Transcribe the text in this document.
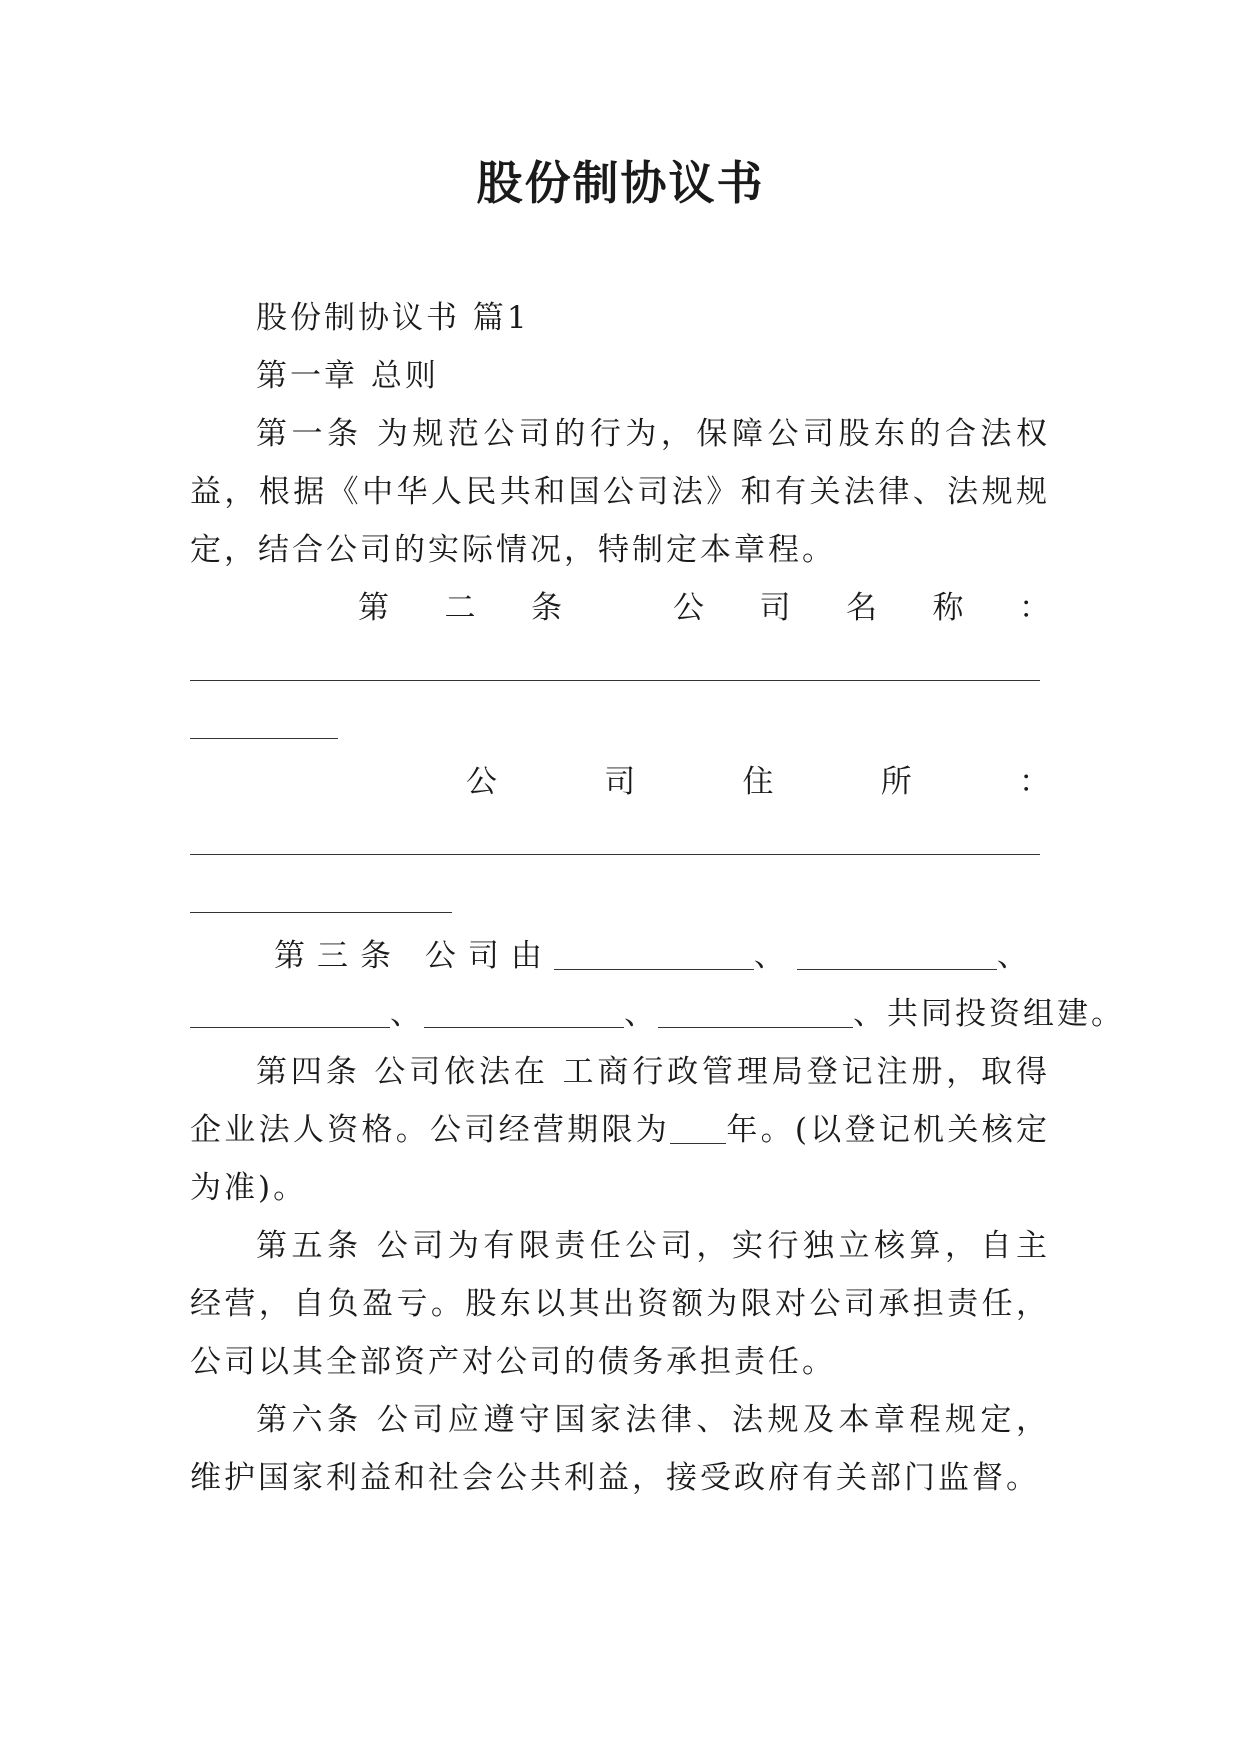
股份制协议书
股份制协议书 篇1
第一章 总则
第一条 为规范公司的行为，保障公司股东的合法权益，根据《中华人民共和国公司法》和有关法律、法规规定，结合公司的实际情况，特制定本章程。
第 二 条	公 司 名 称 ：
公	司	住	所	：
第三条 公司由	、	、
、	、	、共同投资组建。
第四条 公司依法在 工商行政管理局登记注册，取得企业法人资格。公司经营期限为 年。(以登记机关核定为准)。
第五条 公司为有限责任公司，实行独立核算，自主经营，自负盈亏。股东以其出资额为限对公司承担责任，公司以其全部资产对公司的债务承担责任。
第六条 公司应遵守国家法律、法规及本章程规定，维护国家利益和社会公共利益，接受政府有关部门监督。
